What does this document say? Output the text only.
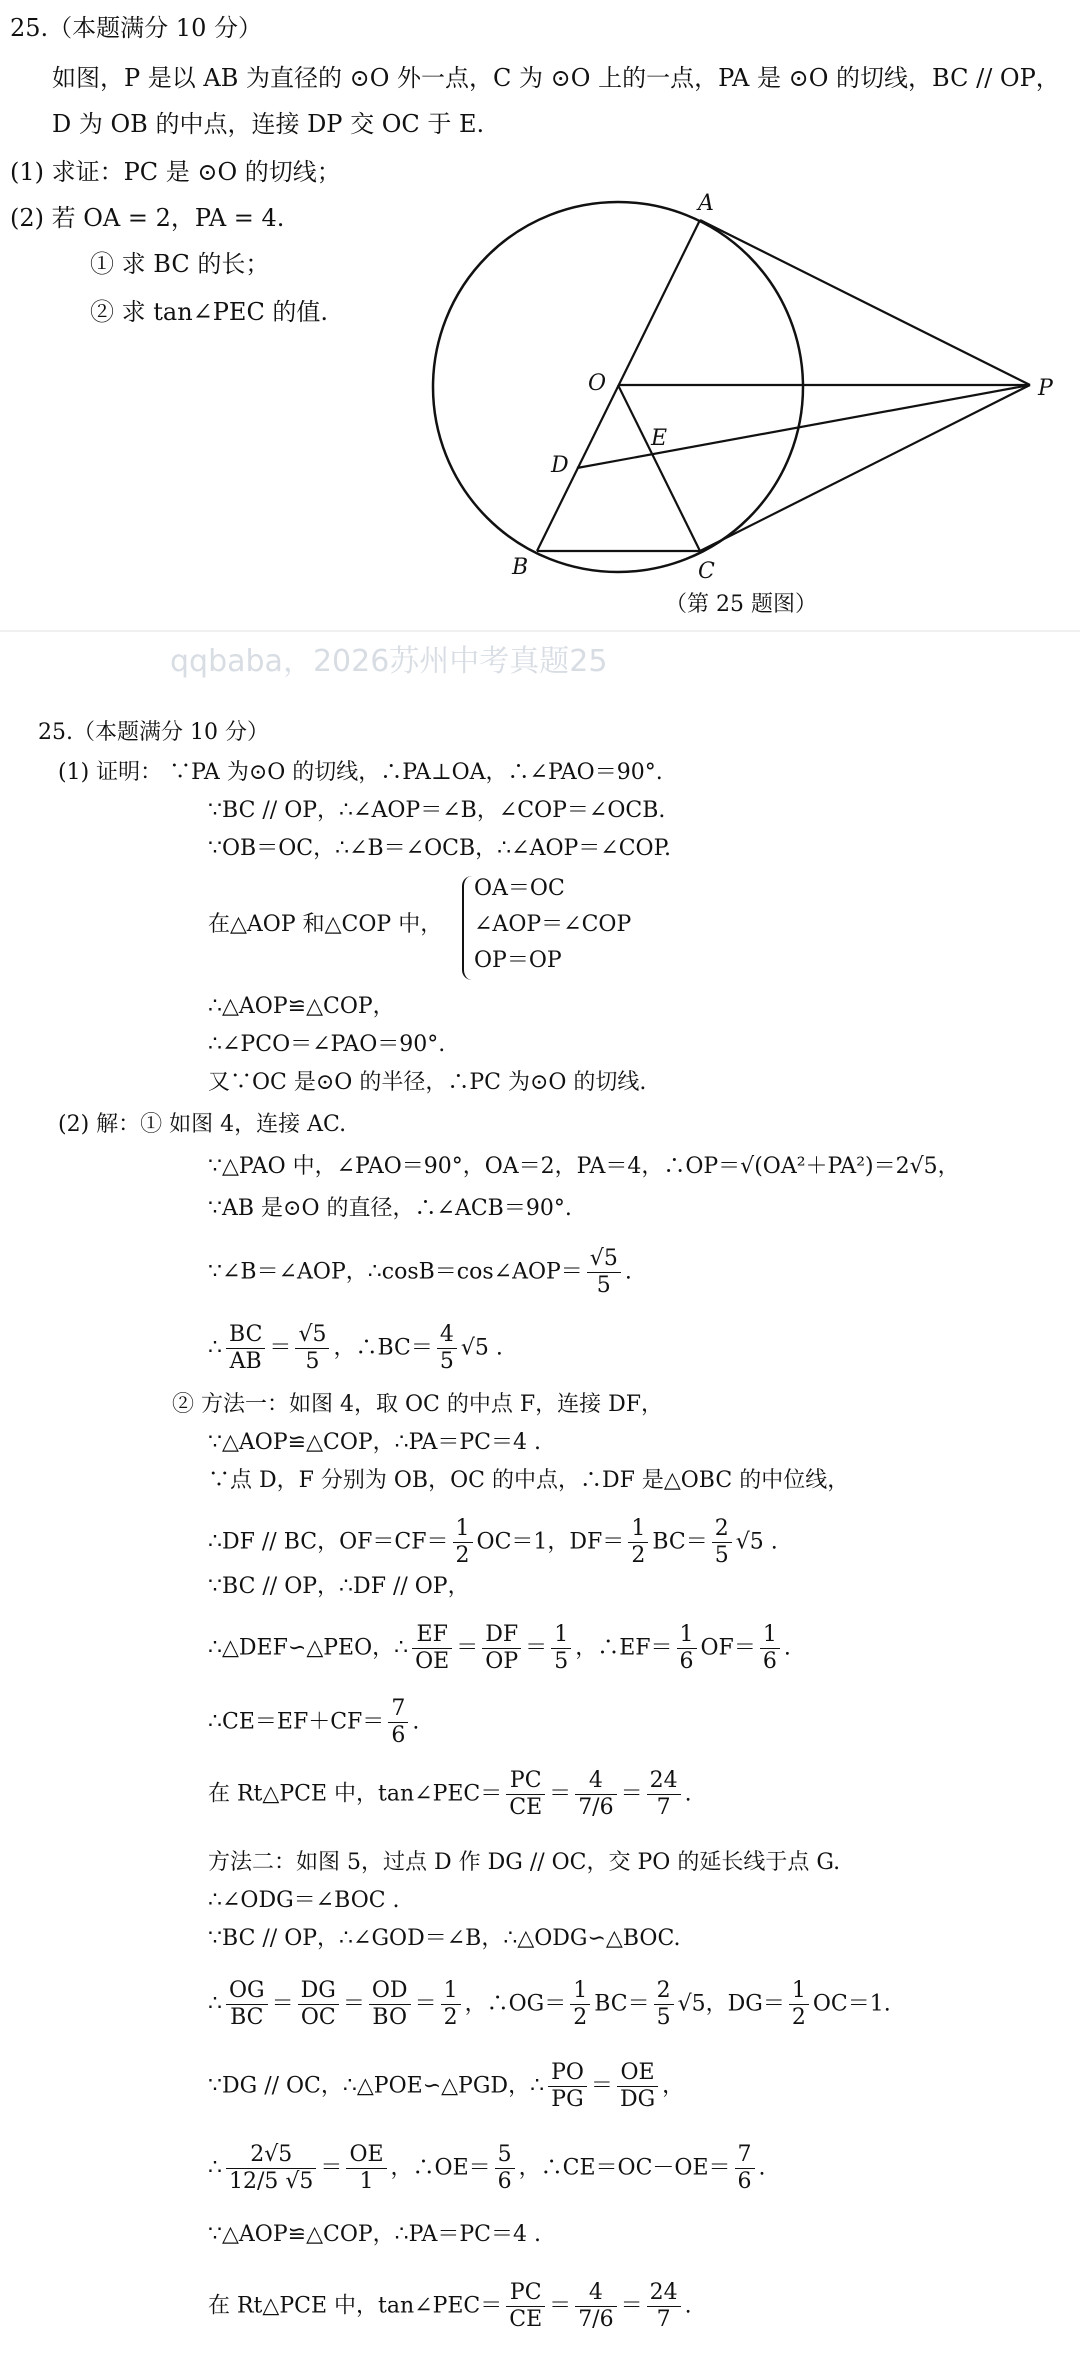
25.（本题满分 10 分）
如图，P 是以 AB 为直径的 ⊙O 外一点，C 为 ⊙O 上的一点，PA 是 ⊙O 的切线，BC // OP，
D 为 OB 的中点，连接 DP 交 OC 于 E.
(1) 求证：PC 是 ⊙O 的切线；
(2) 若 OA = 2，PA = 4.
① 求 BC 的长；
② 求 tan∠PEC 的值.
A
O	P
D
E
B	C
（第 25 题图）
qqbaba，2026苏州中考真题25
25.（本题满分 10 分）
(1) 证明： ∵PA 为⊙O 的切线，∴PA⊥OA，∴∠PAO＝90°.
∵BC // OP，∴∠AOP＝∠B，∠COP＝∠OCB.
∵OB＝OC，∴∠B＝∠OCB，∴∠AOP＝∠COP.
在△AOP 和△COP 中，
OA＝OC
∠AOP＝∠COP
OP＝OP
∴△AOP≌△COP，
∴∠PCO＝∠PAO＝90°.
又∵OC 是⊙O 的半径，∴PC 为⊙O 的切线.
(2) 解：① 如图 4，连接 AC.
∵△PAO 中，∠PAO＝90°，OA＝2，PA＝4，∴OP＝√(OA²＋PA²)＝2√5，
∵AB 是⊙O 的直径，∴∠ACB＝90°.
∵∠B＝∠AOP，∴cosB＝cos∠AOP＝ $\frac{√5}{5}$ .
∴ $\frac{BC}{AB} = \frac{√5}{5}$ ，∴BC＝ $\frac{4}{5} √5$ .
② 方法一：如图 4，取 OC 的中点 F，连接 DF，
∵△AOP≌△COP，∴PA＝PC＝4 .
∵点 D，F 分别为 OB，OC 的中点，∴DF 是△OBC 的中位线，
∴DF // BC，$OF=CF= \frac{1}{2} OC=1$，$DF= \frac{1}{2} BC= \frac{2}{5} √5$ .
∵BC // OP，∴DF // OP，
∴△DEF∽△PEO，∴ $\frac{EF}{OE} = \frac{DF}{OP} = \frac{1}{5}$ ，∴EF＝ $\frac{1}{6} OF= \frac{1}{6}$ .
∴CE＝EF＋CF＝ $\frac{7}{6}$ .
在 Rt△PCE 中，tan∠PEC＝ $\frac{PC}{CE} = \frac{4}{7/6} = \frac{24}{7}$ .
方法二：如图 5，过点 D 作 DG // OC，交 PO 的延长线于点 G.
∴∠ODG＝∠BOC .
∵BC // OP，∴∠GOD＝∠B，∴△ODG∽△BOC.
∴ $\frac{OG}{BC} = \frac{DG}{OC} = \frac{OD}{BO} = \frac{1}{2}$ ，∴OG＝ $\frac{1}{2} BC= \frac{2}{5} √5$，$DG= \frac{1}{2} OC=1$.
∵DG // OC，∴△POE∽△PGD，∴ $\frac{PO}{PG} = \frac{OE}{DG}$ ，
∴ $\frac{2√5}{12/5 √5} = \frac{OE}{1}$ ，∴OE＝ $\frac{5}{6}$ ，∴CE＝OC－OE＝ $\frac{7}{6}$ .
∵△AOP≌△COP，∴PA＝PC＝4 .
在 Rt△PCE 中，tan∠PEC＝ $\frac{PC}{CE} = \frac{4}{7/6} = \frac{24}{7}$ .
